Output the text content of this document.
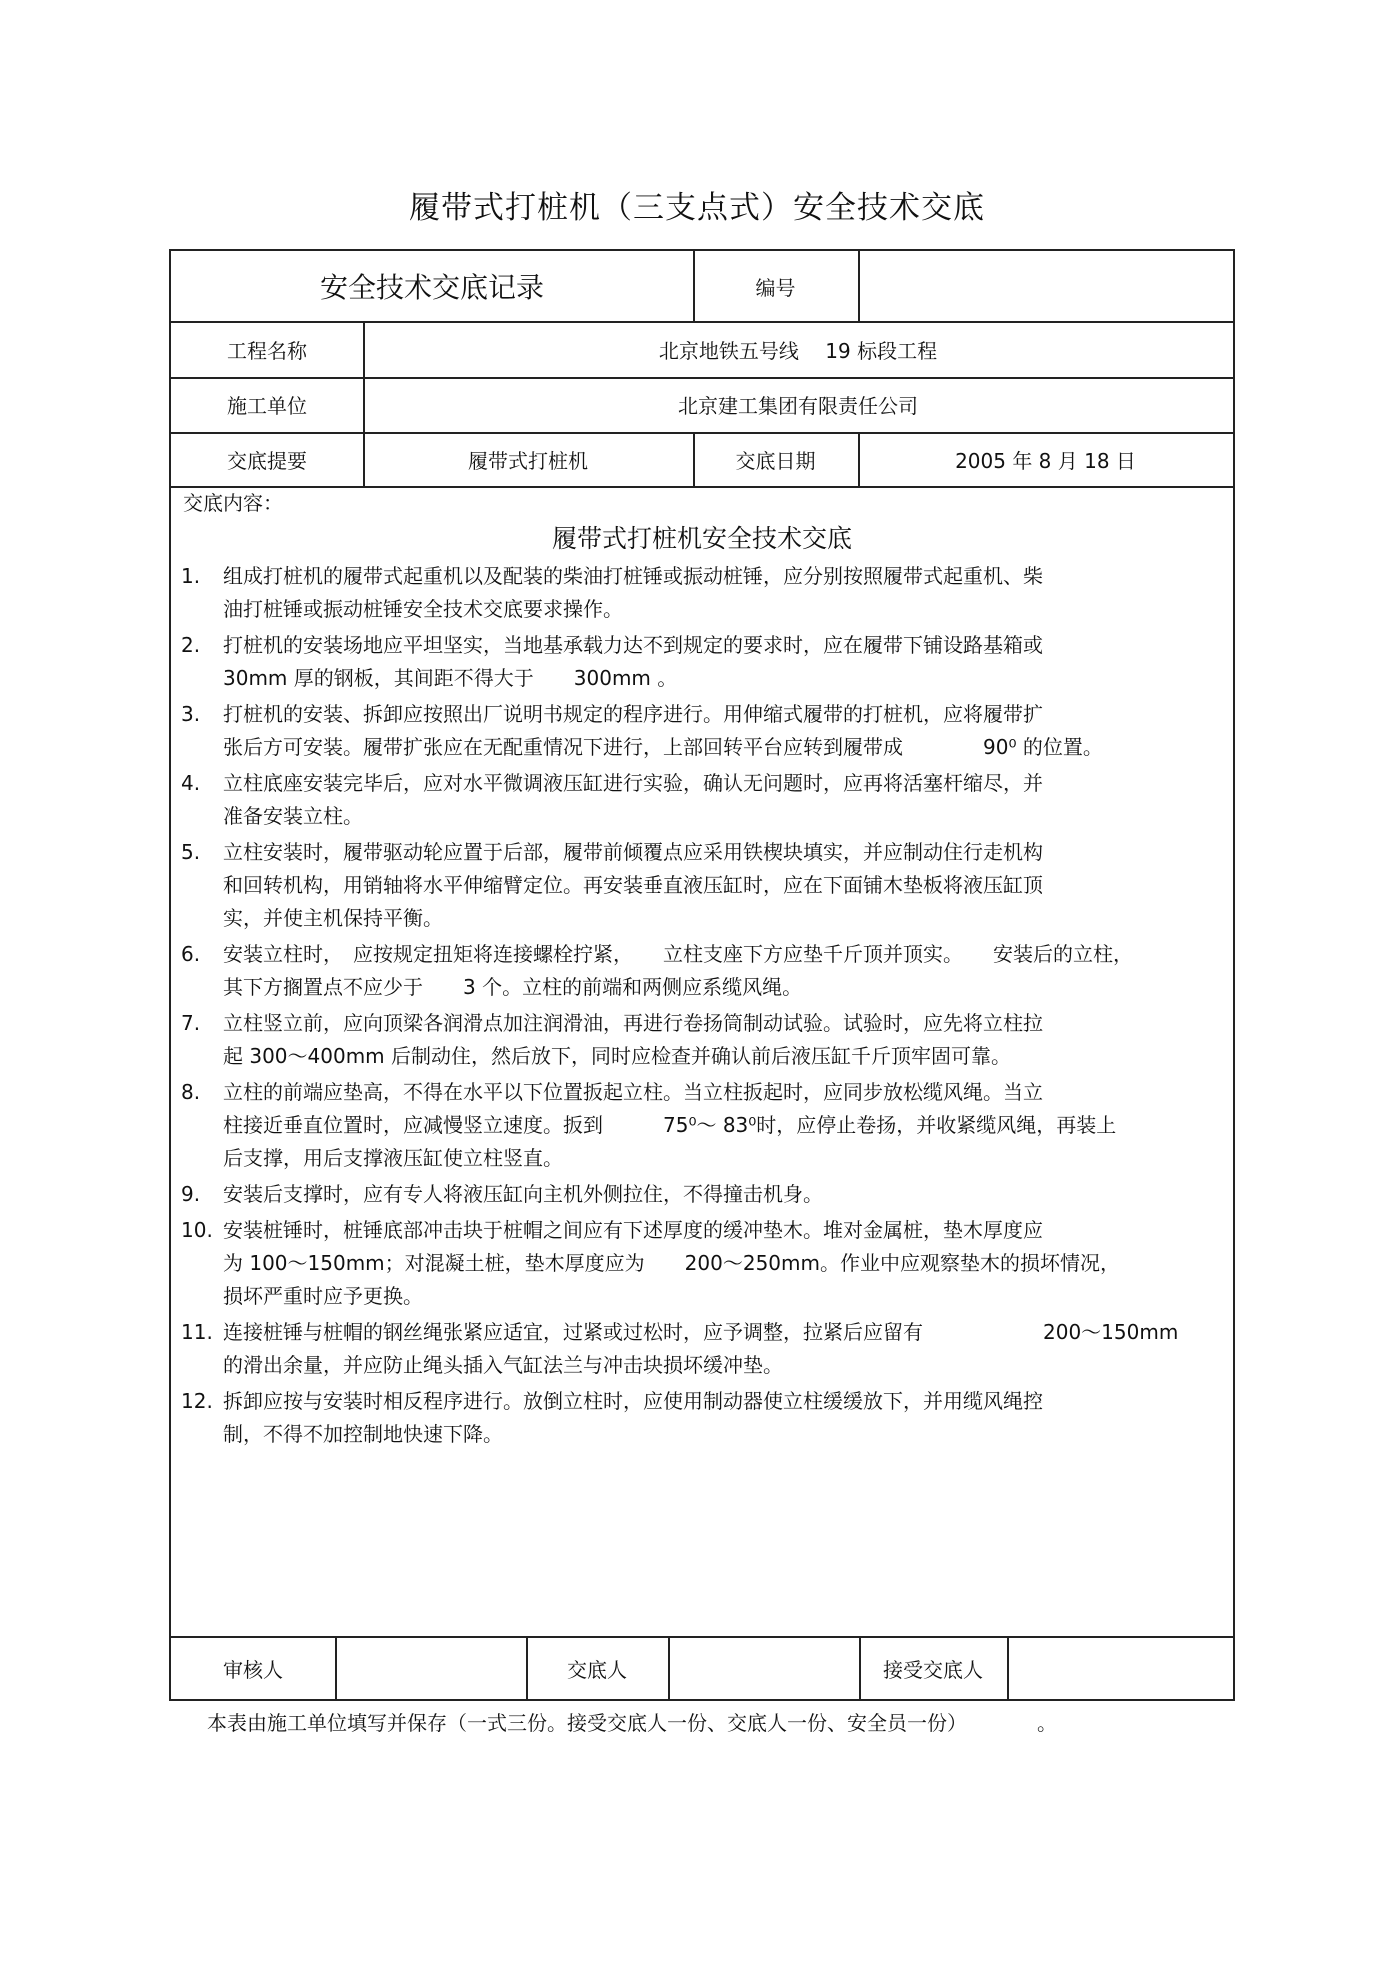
履带式打桩机（三支点式）安全技术交底
安全技术交底记录	编号
工程名称	北京地铁五号线　 19 标段工程
施工单位	北京建工集团有限责任公司
交底提要	履带式打桩机	交底日期	2005 年 8 月 18 日
交底内容：
履带式打桩机安全技术交底
1.	组成打桩机的履带式起重机以及配装的柴油打桩锤或振动桩锤，应分别按照履带式起重机、柴
油打桩锤或振动桩锤安全技术交底要求操作。
2.	打桩机的安装场地应平坦坚实，当地基承载力达不到规定的要求时，应在履带下铺设路基箱或
30mm 厚的钢板，其间距不得大于　　300mm 。
3.	打桩机的安装、拆卸应按照出厂说明书规定的程序进行。用伸缩式履带的打桩机，应将履带扩
张后方可安装。履带扩张应在无配重情况下进行，上部回转平台应转到履带成　　　　90⁰ 的位置。
4.	立柱底座安装完毕后，应对水平微调液压缸进行实验，确认无问题时，应再将活塞杆缩尽，并
准备安装立柱。
5.	立柱安装时，履带驱动轮应置于后部，履带前倾覆点应采用铁楔块填实，并应制动住行走机构
和回转机构，用销轴将水平伸缩臂定位。再安装垂直液压缸时，应在下面铺木垫板将液压缸顶
实，并使主机保持平衡。
6.	安装立柱时，　应按规定扭矩将连接螺栓拧紧，　　立柱支座下方应垫千斤顶并顶实。　　安装后的立柱，
其下方搁置点不应少于　　3 个。立柱的前端和两侧应系缆风绳。
7.	立柱竖立前，应向顶梁各润滑点加注润滑油，再进行卷扬筒制动试验。试验时，应先将立柱拉
起 300～400mm 后制动住，然后放下，同时应检查并确认前后液压缸千斤顶牢固可靠。
8.	立柱的前端应垫高，不得在水平以下位置扳起立柱。当立柱扳起时，应同步放松缆风绳。当立
柱接近垂直位置时，应减慢竖立速度。扳到　　　75⁰～ 83⁰时，应停止卷扬，并收紧缆风绳，再装上
后支撑，用后支撑液压缸使立柱竖直。
9.	安装后支撑时，应有专人将液压缸向主机外侧拉住，不得撞击机身。
10. 安装桩锤时，桩锤底部冲击块于桩帽之间应有下述厚度的缓冲垫木。堆对金属桩，垫木厚度应
为 100～150mm；对混凝土桩，垫木厚度应为　　200～250mm。作业中应观察垫木的损坏情况，
损坏严重时应予更换。
11. 连接桩锤与桩帽的钢丝绳张紧应适宜，过紧或过松时，应予调整，拉紧后应留有　　　　　　200～150mm
的滑出余量，并应防止绳头插入气缸法兰与冲击块损坏缓冲垫。
12. 拆卸应按与安装时相反程序进行。放倒立柱时，应使用制动器使立柱缓缓放下，并用缆风绳控
制，不得不加控制地快速下降。
审核人	交底人	接受交底人
本表由施工单位填写并保存（一式三份。接受交底人一份、交底人一份、安全员一份）　　　　。
